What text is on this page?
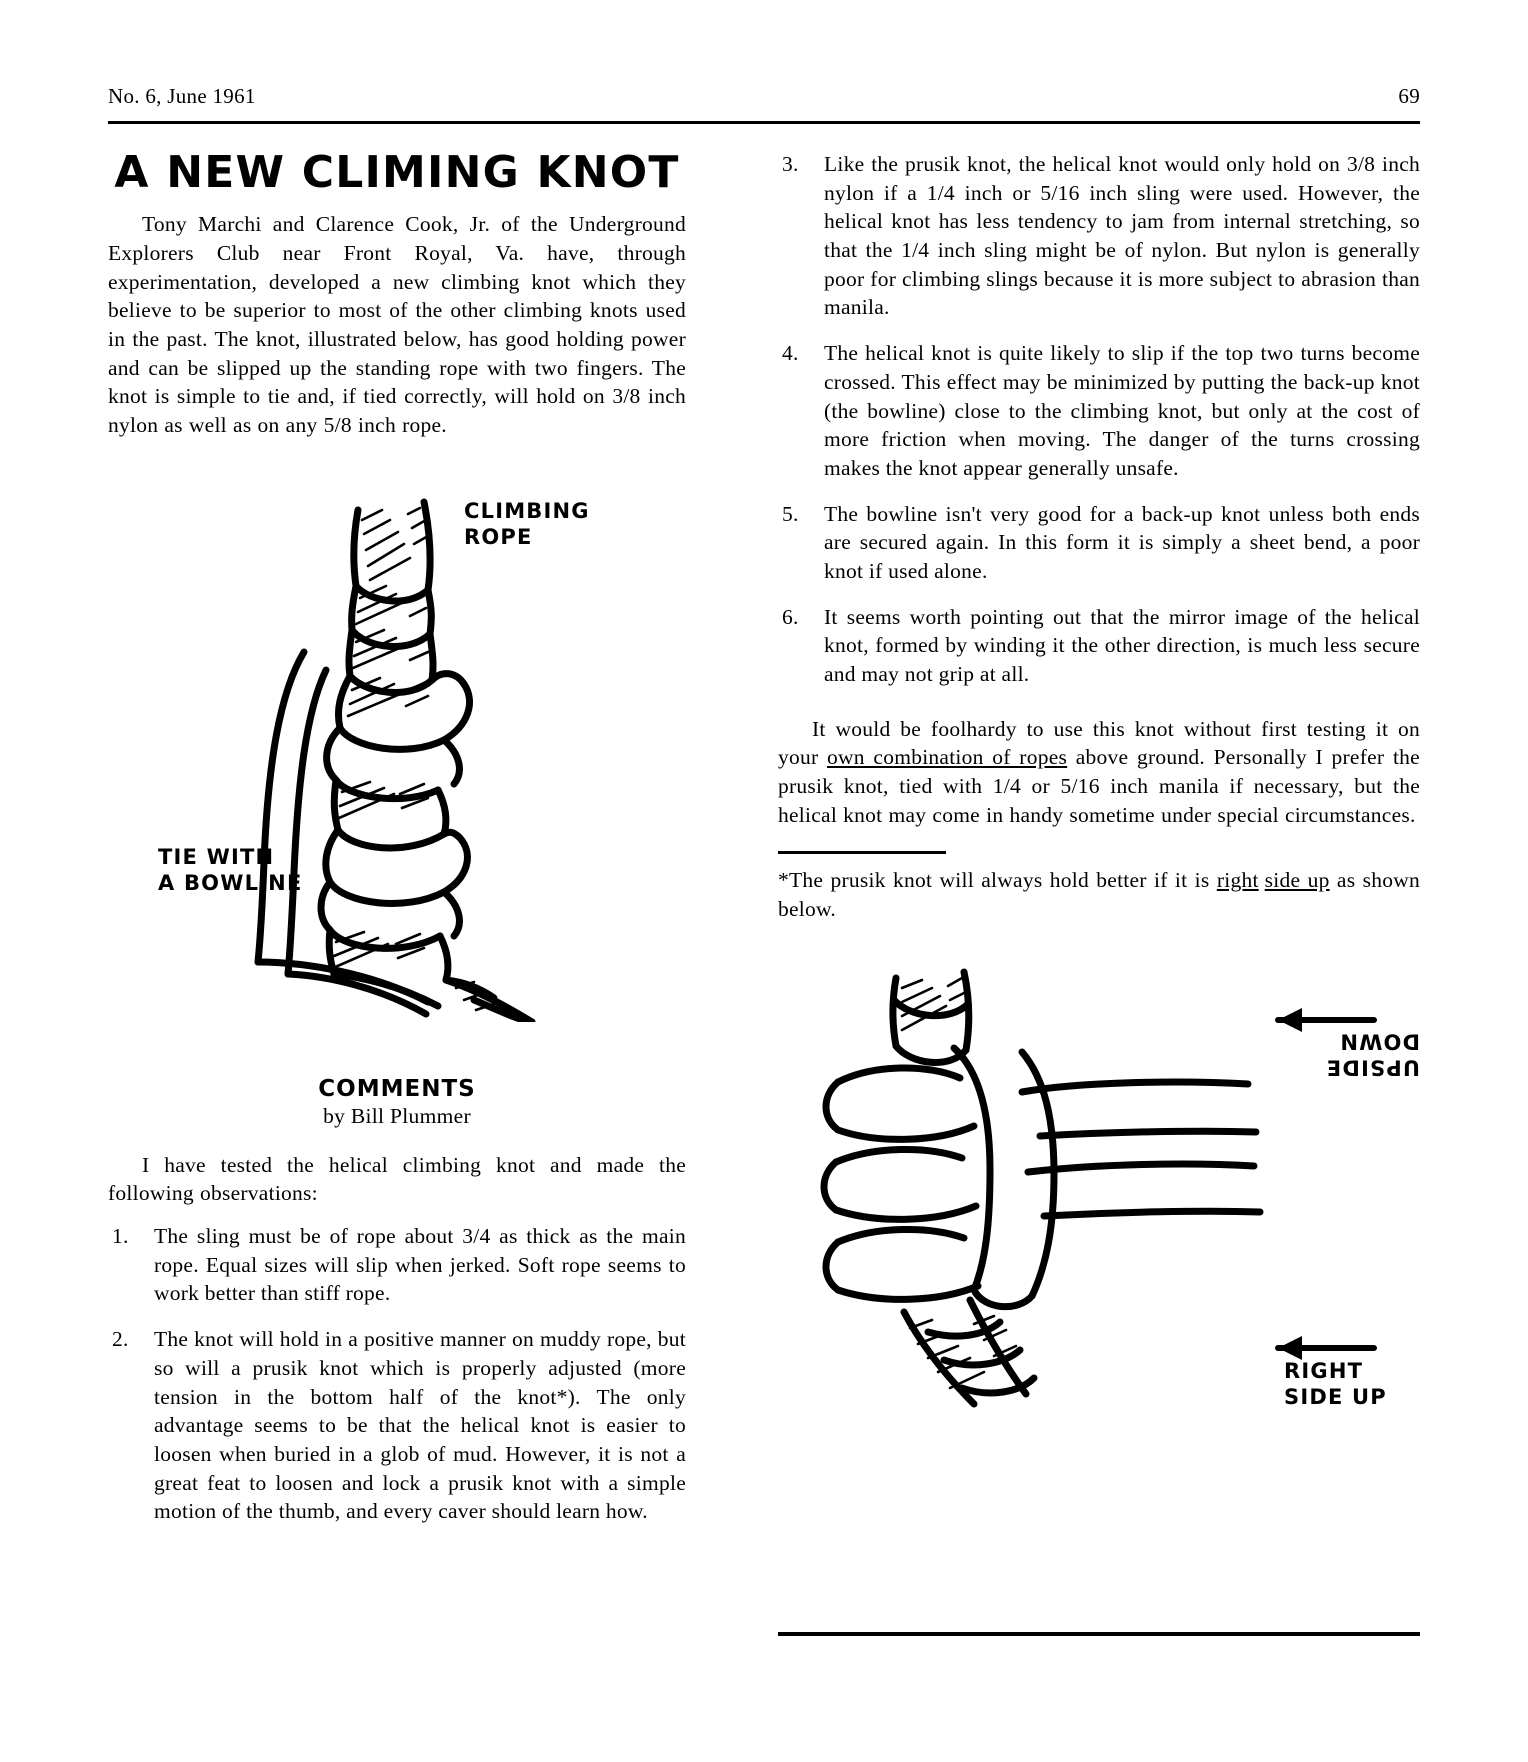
No. 6, June 1961	69
A NEW CLIMING KNOT

Tony Marchi and Clarence Cook, Jr. of the Underground Explorers Club near Front Royal, Va. have, through experimentation, developed a new climbing knot which they believe to be superior to most of the other climbing knots used in the past. The knot, illustrated below, has good holding power and can be slipped up the standing rope with two fingers. The knot is simple to tie and, if tied correctly, will hold on 3/8 inch nylon as well as on any 5/8 inch rope.

CLIMBING
ROPE
TIE WITH
A BOWLINE
COMMENTS
by Bill Plummer

I have tested the helical climbing knot and made the following observations:

1.	The sling must be of rope about 3/4 as thick as the main rope. Equal sizes will slip when jerked. Soft rope seems to work better than stiff rope.
2.	The knot will hold in a positive manner on muddy rope, but so will a prusik knot which is properly adjusted (more tension in the bottom half of the knot*). The only advantage seems to be that the helical knot is easier to loosen when buried in a glob of mud. However, it is not a great feat to loosen and lock a prusik knot with a simple motion of the thumb, and every caver should learn how.
3.	Like the prusik knot, the helical knot would only hold on 3/8 inch nylon if a 1/4 inch or 5/16 inch sling were used. However, the helical knot has less tendency to jam from internal stretching, so that the 1/4 inch sling might be of nylon. But nylon is generally poor for climbing slings because it is more subject to abrasion than manila.
4.	The helical knot is quite likely to slip if the top two turns become crossed. This effect may be minimized by putting the back-up knot (the bowline) close to the climbing knot, but only at the cost of more friction when moving. The danger of the turns crossing makes the knot appear generally unsafe.
5.	The bowline isn't very good for a back-up knot unless both ends are secured again. In this form it is simply a sheet bend, a poor knot if used alone.
6.	It seems worth pointing out that the mirror image of the helical knot, formed by winding it the other direction, is much less secure and may not grip at all.

It would be foolhardy to use this knot without first testing it on your own combination of ropes above ground. Personally I prefer the prusik knot, tied with 1/4 or 5/16 inch manila if necessary, but the helical knot may come in handy sometime under special circumstances.

*The prusik knot will always hold better if it is right side up as shown below.

UPSIDE DOWN
RIGHT SIDE UP
